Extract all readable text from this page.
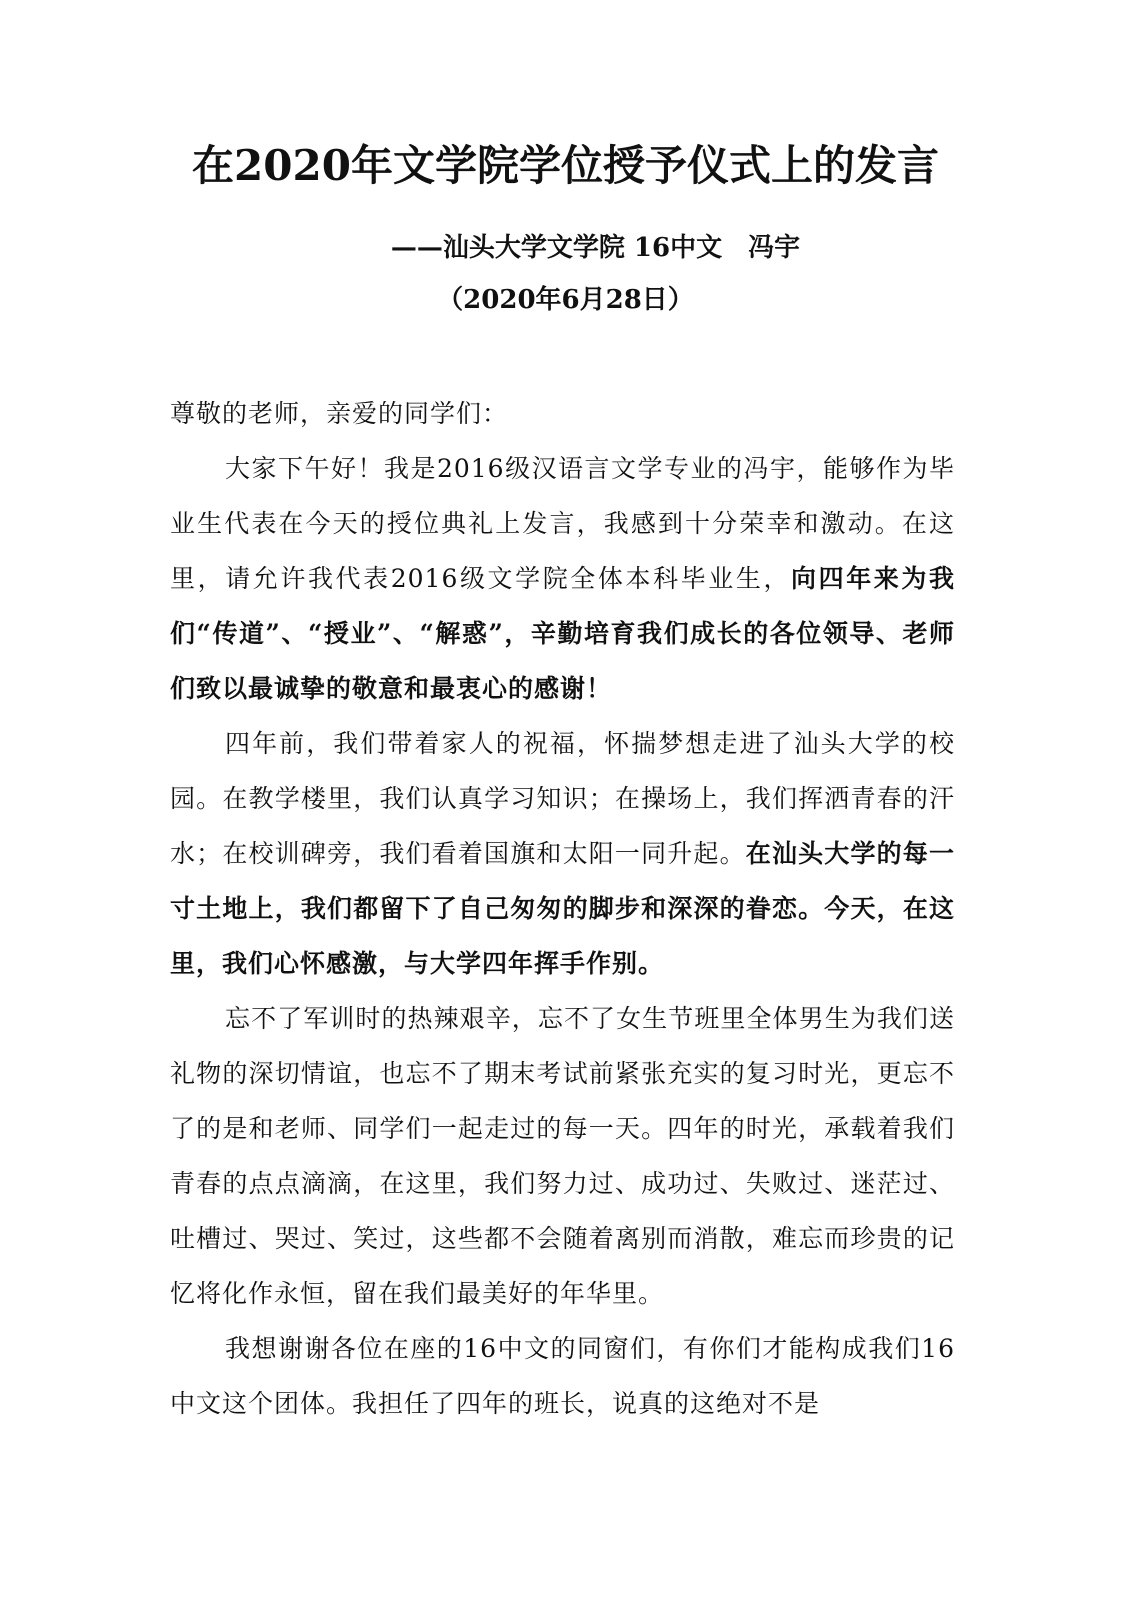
在2020年文学院学位授予仪式上的发言
——汕头大学文学院 16中文　冯宇
（2020年6月28日）

尊敬的老师，亲爱的同学们：

大家下午好！我是2016级汉语言文学专业的冯宇，能够作为毕业生代表在今天的授位典礼上发言，我感到十分荣幸和激动。在这里，请允许我代表2016级文学院全体本科毕业生，向四年来为我们“传道”、“授业”、“解惑”，辛勤培育我们成长的各位领导、老师们致以最诚挚的敬意和最衷心的感谢！

四年前，我们带着家人的祝福，怀揣梦想走进了汕头大学的校园。在教学楼里，我们认真学习知识；在操场上，我们挥洒青春的汗水；在校训碑旁，我们看着国旗和太阳一同升起。在汕头大学的每一寸土地上，我们都留下了自己匆匆的脚步和深深的眷恋。今天，在这里，我们心怀感激，与大学四年挥手作别。

忘不了军训时的热辣艰辛，忘不了女生节班里全体男生为我们送礼物的深切情谊，也忘不了期末考试前紧张充实的复习时光，更忘不了的是和老师、同学们一起走过的每一天。四年的时光，承载着我们青春的点点滴滴，在这里，我们努力过、成功过、失败过、迷茫过、吐槽过、哭过、笑过，这些都不会随着离别而消散，难忘而珍贵的记忆将化作永恒，留在我们最美好的年华里。

我想谢谢各位在座的16中文的同窗们，有你们才能构成我们16中文这个团体。我担任了四年的班长，说真的这绝对不是
